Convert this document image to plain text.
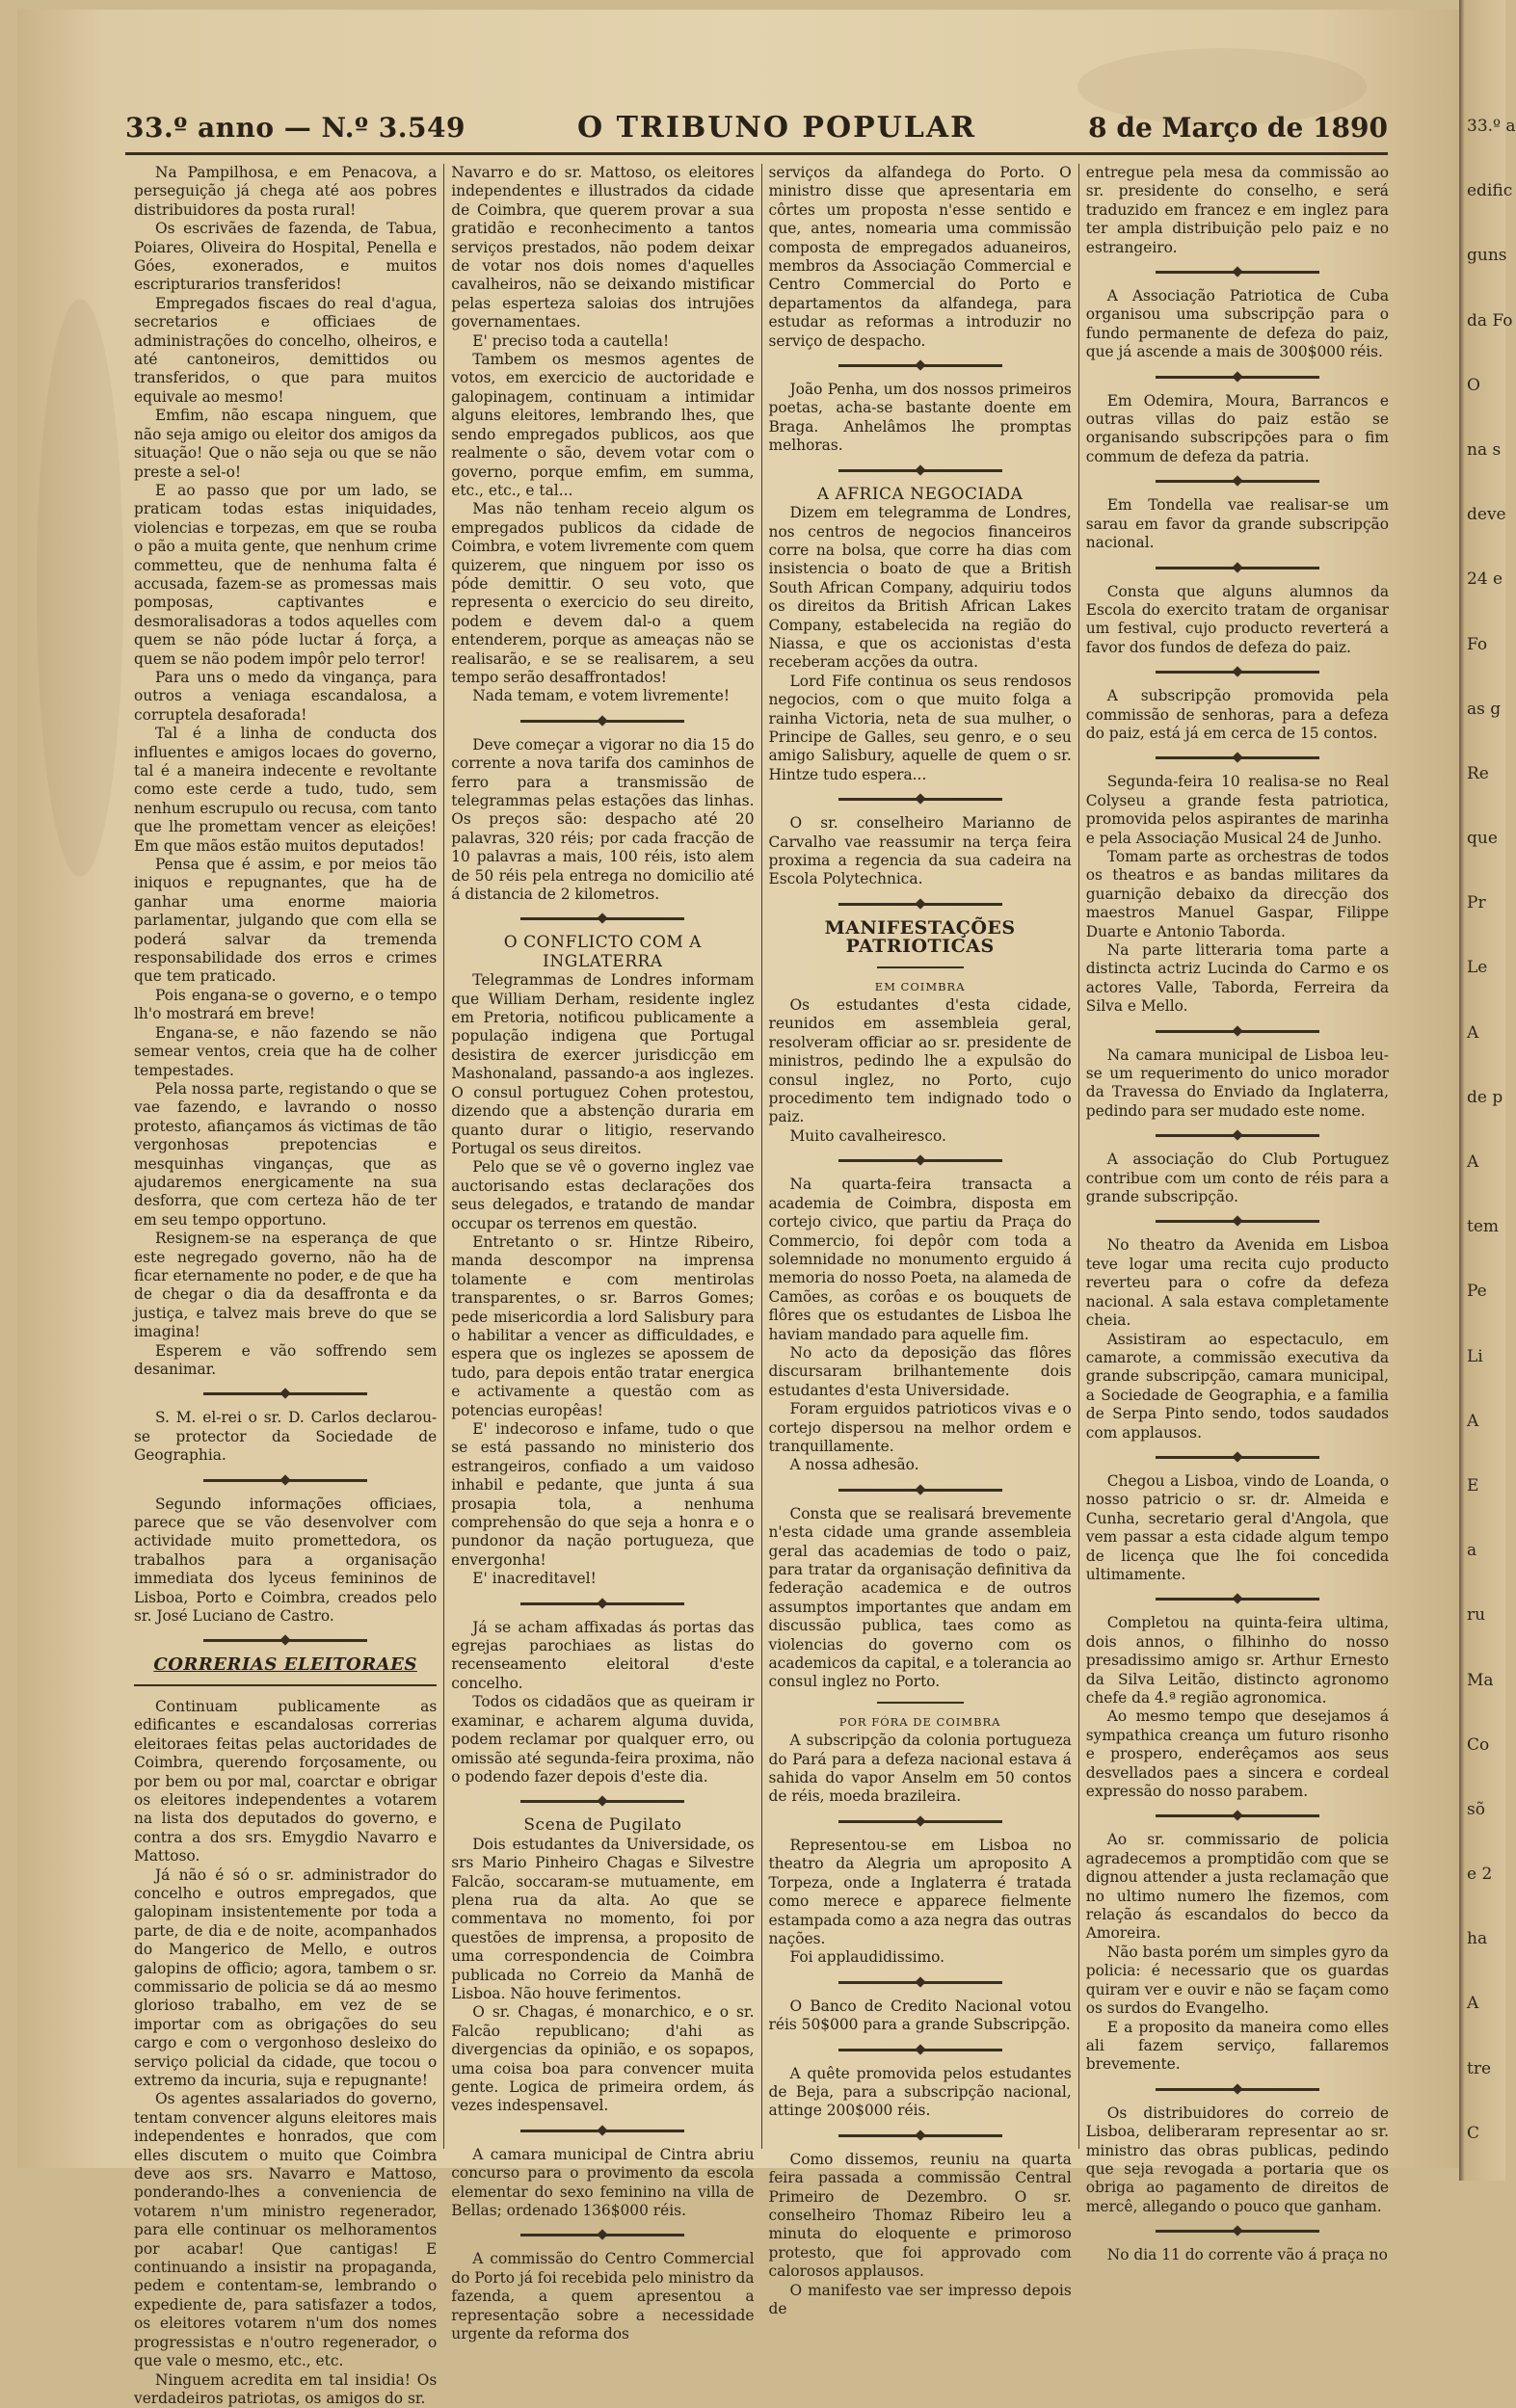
33.º a
edific
guns
da Fo
O
na s
deve
24 e
Fo
as g
Re
que
Pr
Le
A
de p
A
tem
Pe
Li
A
E
a
ru
Ma
Co
sõ
e 2
ha
A
tre
C
33.º anno — N.º 3.549	O TRIBUNO POPULAR	8 de Março de 1890

Na Pampilhosa, e em Penacova, a perseguição já chega até aos pobres distribuidores da posta rural!

Os escrivães de fazenda, de Tabua, Poiares, Oliveira do Hospital, Penella e Góes, exonerados, e muitos escripturarios transferidos!

Empregados fiscaes do real d'agua, secretarios e officiaes de administrações do concelho, olheiros, e até cantoneiros, demittidos ou transferidos, o que para muitos equivale ao mesmo!

Emfim, não escapa ninguem, que não seja amigo ou eleitor dos amigos da situação! Que o não seja ou que se não preste a sel-o!

E ao passo que por um lado, se praticam todas estas iniquidades, violencias e torpezas, em que se rouba o pão a muita gente, que nenhum crime commetteu, que de nenhuma falta é accusada, fazem-se as promessas mais pomposas, captivantes e desmoralisadoras a todos aquelles com quem se não póde luctar á força, a quem se não podem impôr pelo terror!

Para uns o medo da vingança, para outros a veniaga escandalosa, a corruptela desaforada!

Tal é a linha de conducta dos influentes e amigos locaes do governo, tal é a maneira indecente e revoltante como este cerde a tudo, tudo, sem nenhum escrupulo ou recusa, com tanto que lhe promettam vencer as eleições! Em que mãos estão muitos deputados!

Pensa que é assim, e por meios tão iniquos e repugnantes, que ha de ganhar uma enorme maioria parlamentar, julgando que com ella se poderá salvar da tremenda responsabilidade dos erros e crimes que tem praticado.

Pois engana-se o governo, e o tempo lh'o mostrará em breve!

Engana-se, e não fazendo se não semear ventos, creia que ha de colher tempestades.

Pela nossa parte, registando o que se vae fazendo, e lavrando o nosso protesto, afiançamos ás victimas de tão vergonhosas prepotencias e mesquinhas vinganças, que as ajudaremos energicamente na sua desforra, que com certeza hão de ter em seu tempo opportuno.

Resignem-se na esperança de que este negregado governo, não ha de ficar eternamente no poder, e de que ha de chegar o dia da desaffronta e da justiça, e talvez mais breve do que se imagina!

Esperem e vão soffrendo sem desanimar.

S. M. el-rei o sr. D. Carlos declarou-se protector da Sociedade de Geographia.

Segundo informações officiaes, parece que se vão desenvolver com actividade muito promettedora, os trabalhos para a organisação immediata dos lyceus femininos de Lisboa, Porto e Coimbra, creados pelo sr. José Luciano de Castro.

CORRERIAS ELEITORAES

Continuam publicamente as edificantes e escandalosas correrias eleitoraes feitas pelas auctoridades de Coimbra, querendo forçosamente, ou por bem ou por mal, coarctar e obrigar os eleitores independentes a votarem na lista dos deputados do governo, e contra a dos srs. Emygdio Navarro e Mattoso.

Já não é só o sr. administrador do concelho e outros empregados, que galopinam insistentemente por toda a parte, de dia e de noite, acompanhados do Mangerico de Mello, e outros galopins de officio; agora, tambem o sr. commissario de policia se dá ao mesmo glorioso trabalho, em vez de se importar com as obrigações do seu cargo e com o vergonhoso desleixo do serviço policial da cidade, que tocou o extremo da incuria, suja e repugnante!

Os agentes assalariados do governo, tentam convencer alguns eleitores mais independentes e honrados, que com elles discutem o muito que Coimbra deve aos srs. Navarro e Mattoso, ponderando-lhes a conveniencia de votarem n'um ministro regenerador, para elle continuar os melhoramentos por acabar! Que cantigas! E continuando a insistir na propaganda, pedem e contentam-se, lembrando o expediente de, para satisfazer a todos, os eleitores votarem n'um dos nomes progressistas e n'outro regenerador, o que vale o mesmo, etc., etc.

Ninguem acredita em tal insidia! Os verdadeiros patriotas, os amigos do sr.

Navarro e do sr. Mattoso, os eleitores independentes e illustrados da cidade de Coimbra, que querem provar a sua gratidão e reconhecimento a tantos serviços prestados, não podem deixar de votar nos dois nomes d'aquelles cavalheiros, não se deixando mistificar pelas esperteza saloias dos intrujões governamentaes.

E' preciso toda a cautella!

Tambem os mesmos agentes de votos, em exercicio de auctoridade e galopinagem, continuam a intimidar alguns eleitores, lembrando lhes, que sendo empregados publicos, aos que realmente o são, devem votar com o governo, porque emfim, em summa, etc., etc., e tal...

Mas não tenham receio algum os empregados publicos da cidade de Coimbra, e votem livremente com quem quizerem, que ninguem por isso os póde demittir. O seu voto, que representa o exercicio do seu direito, podem e devem dal-o a quem entenderem, porque as ameaças não se realisarão, e se se realisarem, a seu tempo serão desaffrontados!

Nada temam, e votem livremente!

Deve começar a vigorar no dia 15 do corrente a nova tarifa dos caminhos de ferro para a transmissão de telegrammas pelas estações das linhas. Os preços são: despacho até 20 palavras, 320 réis; por cada fracção de 10 palavras a mais, 100 réis, isto alem de 50 réis pela entrega no domicilio até á distancia de 2 kilometros.

O CONFLICTO COM A INGLATERRA

Telegrammas de Londres informam que William Derham, residente inglez em Pretoria, notificou publicamente a população indigena que Portugal desistira de exercer jurisdicção em Mashonaland, passando-a aos inglezes. O consul portuguez Cohen protestou, dizendo que a abstenção duraria em quanto durar o litigio, reservando Portugal os seus direitos.

Pelo que se vê o governo inglez vae auctorisando estas declarações dos seus delegados, e tratando de mandar occupar os terrenos em questão.

Entretanto o sr. Hintze Ribeiro, manda descompor na imprensa tolamente e com mentirolas transparentes, o sr. Barros Gomes; pede misericordia a lord Salisbury para o habilitar a vencer as difficuldades, e espera que os inglezes se apossem de tudo, para depois então tratar energica e activamente a questão com as potencias europêas!

E' indecoroso e infame, tudo o que se está passando no ministerio dos estrangeiros, confiado a um vaidoso inhabil e pedante, que junta á sua prosapia tola, a nenhuma comprehensão do que seja a honra e o pundonor da nação portugueza, que envergonha!

E' inacreditavel!

Já se acham affixadas ás portas das egrejas parochiaes as listas do recenseamento eleitoral d'este concelho.

Todos os cidadãos que as queiram ir examinar, e acharem alguma duvida, podem reclamar por qualquer erro, ou omissão até segunda-feira proxima, não o podendo fazer depois d'este dia.

Scena de Pugilato

Dois estudantes da Universidade, os srs Mario Pinheiro Chagas e Silvestre Falcão, soccaram-se mutuamente, em plena rua da alta. Ao que se commentava no momento, foi por questões de imprensa, a proposito de uma correspondencia de Coimbra publicada no Correio da Manhã de Lisboa. Não houve ferimentos.

O sr. Chagas, é monarchico, e o sr. Falcão republicano; d'ahi as divergencias da opinião, e os sopapos, uma coisa boa para convencer muita gente. Logica de primeira ordem, ás vezes indespensavel.

A camara municipal de Cintra abriu concurso para o provimento da escola elementar do sexo feminino na villa de Bellas; ordenado 136$000 réis.

A commissão do Centro Commercial do Porto já foi recebida pelo ministro da fazenda, a quem apresentou a representação sobre a necessidade urgente da reforma dos

serviços da alfandega do Porto. O ministro disse que apresentaria em côrtes um proposta n'esse sentido e que, antes, nomearia uma commissão composta de empregados aduaneiros, membros da Associação Commercial e Centro Commercial do Porto e departamentos da alfandega, para estudar as reformas a introduzir no serviço de despacho.

João Penha, um dos nossos primeiros poetas, acha-se bastante doente em Braga. Anhelâmos lhe promptas melhoras.

A AFRICA NEGOCIADA

Dizem em telegramma de Londres, nos centros de negocios financeiros corre na bolsa, que corre ha dias com insistencia o boato de que a British South African Company, adquiriu todos os direitos da British African Lakes Company, estabelecida na região do Niassa, e que os accionistas d'esta receberam acções da outra.

Lord Fife continua os seus rendosos negocios, com o que muito folga a rainha Victoria, neta de sua mulher, o Principe de Galles, seu genro, e o seu amigo Salisbury, aquelle de quem o sr. Hintze tudo espera...

O sr. conselheiro Marianno de Carvalho vae reassumir na terça feira proxima a regencia da sua cadeira na Escola Polytechnica.

MANIFESTAÇÕES PATRIOTICAS

EM COIMBRA

Os estudantes d'esta cidade, reunidos em assembleia geral, resolveram officiar ao sr. presidente de ministros, pedindo lhe a expulsão do consul inglez, no Porto, cujo procedimento tem indignado todo o paiz.

Muito cavalheiresco.

Na quarta-feira transacta a academia de Coimbra, disposta em cortejo civico, que partiu da Praça do Commercio, foi depôr com toda a solemnidade no monumento erguido á memoria do nosso Poeta, na alameda de Camões, as corôas e os bouquets de flôres que os estudantes de Lisboa lhe haviam mandado para aquelle fim.

No acto da deposição das flôres discursaram brilhantemente dois estudantes d'esta Universidade.

Foram erguidos patrioticos vivas e o cortejo dispersou na melhor ordem e tranquillamente.

A nossa adhesão.

Consta que se realisará brevemente n'esta cidade uma grande assembleia geral das academias de todo o paiz, para tratar da organisação definitiva da federação academica e de outros assumptos importantes que andam em discussão publica, taes como as violencias do governo com os academicos da capital, e a tolerancia ao consul inglez no Porto.

POR FÓRA DE COIMBRA

A subscripção da colonia portugueza do Pará para a defeza nacional estava á sahida do vapor Anselm em 50 contos de réis, moeda brazileira.

Representou-se em Lisboa no theatro da Alegria um aproposito A Torpeza, onde a Inglaterra é tratada como merece e apparece fielmente estampada como a aza negra das outras nações.

Foi applaudidissimo.

O Banco de Credito Nacional votou réis 50$000 para a grande Subscripção.

A quête promovida pelos estudantes de Beja, para a subscripção nacional, attinge 200$000 réis.

Como dissemos, reuniu na quarta feira passada a commissão Central Primeiro de Dezembro. O sr. conselheiro Thomaz Ribeiro leu a minuta do eloquente e primoroso protesto, que foi approvado com calorosos applausos.

O manifesto vae ser impresso depois de

entregue pela mesa da commissão ao sr. presidente do conselho, e será traduzido em francez e em inglez para ter ampla distribuição pelo paiz e no estrangeiro.

A Associação Patriotica de Cuba organisou uma subscripção para o fundo permanente de defeza do paiz, que já ascende a mais de 300$000 réis.

Em Odemira, Moura, Barrancos e outras villas do paiz estão se organisando subscripções para o fim commum de defeza da patria.

Em Tondella vae realisar-se um sarau em favor da grande subscripção nacional.

Consta que alguns alumnos da Escola do exercito tratam de organisar um festival, cujo producto reverterá a favor dos fundos de defeza do paiz.

A subscripção promovida pela commissão de senhoras, para a defeza do paiz, está já em cerca de 15 contos.

Segunda-feira 10 realisa-se no Real Colyseu a grande festa patriotica, promovida pelos aspirantes de marinha e pela Associação Musical 24 de Junho.

Tomam parte as orchestras de todos os theatros e as bandas militares da guarnição debaixo da direcção dos maestros Manuel Gaspar, Filippe Duarte e Antonio Taborda.

Na parte litteraria toma parte a distincta actriz Lucinda do Carmo e os actores Valle, Taborda, Ferreira da Silva e Mello.

Na camara municipal de Lisboa leu-se um requerimento do unico morador da Travessa do Enviado da Inglaterra, pedindo para ser mudado este nome.

A associação do Club Portuguez contribue com um conto de réis para a grande subscripção.

No theatro da Avenida em Lisboa teve logar uma recita cujo producto reverteu para o cofre da defeza nacional. A sala estava completamente cheia.

Assistiram ao espectaculo, em camarote, a commissão executiva da grande subscripção, camara municipal, a Sociedade de Geographia, e a familia de Serpa Pinto sendo, todos saudados com applausos.

Chegou a Lisboa, vindo de Loanda, o nosso patricio o sr. dr. Almeida e Cunha, secretario geral d'Angola, que vem passar a esta cidade algum tempo de licença que lhe foi concedida ultimamente.

Completou na quinta-feira ultima, dois annos, o filhinho do nosso presadissimo amigo sr. Arthur Ernesto da Silva Leitão, distincto agronomo chefe da 4.ª região agronomica.

Ao mesmo tempo que desejamos á sympathica creança um futuro risonho e prospero, enderêçamos aos seus desvellados paes a sincera e cordeal expressão do nosso parabem.

Ao sr. commissario de policia agradecemos a promptidão com que se dignou attender a justa reclamação que no ultimo numero lhe fizemos, com relação ás escandalos do becco da Amoreira.

Não basta porém um simples gyro da policia: é necessario que os guardas quiram ver e ouvir e não se façam como os surdos do Evangelho.

E a proposito da maneira como elles ali fazem serviço, fallaremos brevemente.

Os distribuidores do correio de Lisboa, deliberaram representar ao sr. ministro das obras publicas, pedindo que seja revogada a portaria que os obriga ao pagamento de direitos de mercê, allegando o pouco que ganham.

No dia 11 do corrente vão á praça no
